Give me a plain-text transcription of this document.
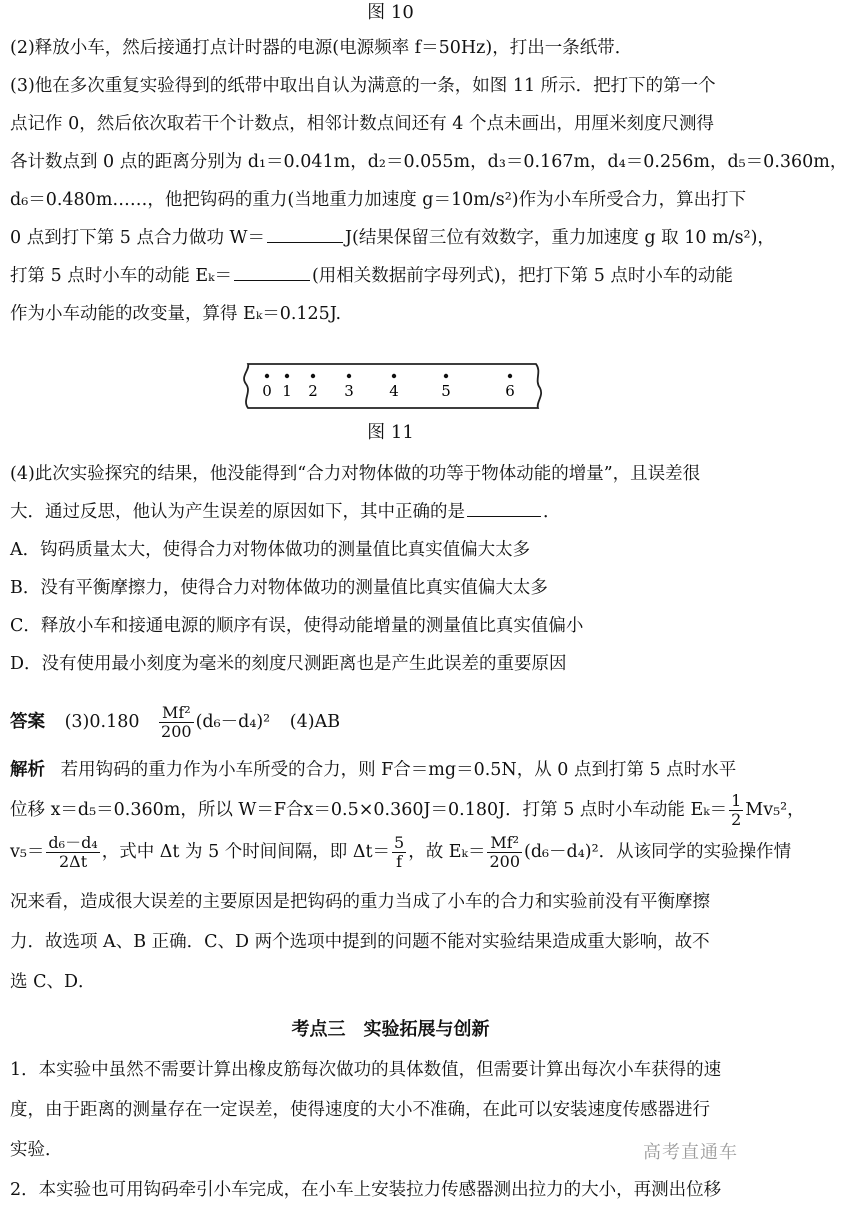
图 10
(2)释放小车，然后接通打点计时器的电源(电源频率 f＝50Hz)，打出一条纸带．
(3)他在多次重复实验得到的纸带中取出自认为满意的一条，如图 11 所示．把打下的第一个
点记作 0，然后依次取若干个计数点，相邻计数点间还有 4 个点未画出，用厘米刻度尺测得
各计数点到 0 点的距离分别为 d₁＝0.041m，d₂＝0.055m，d₃＝0.167m，d₄＝0.256m，d₅＝0.360m，
d₆＝0.480m……，他把钩码的重力(当地重力加速度 g＝10m/s²)作为小车所受合力，算出打下
0 点到打下第 5 点合力做功 W＝	J(结果保留三位有效数字，重力加速度 g 取 10 m/s²)，
打第 5 点时小车的动能 Eₖ＝	(用相关数据前字母列式)，把打下第 5 点时小车的动能
作为小车动能的改变量，算得 Eₖ＝0.125J.
0 1 2 3 4	5	6
图 11
(4)此次实验探究的结果，他没能得到“合力对物体做的功等于物体动能的增量”，且误差很
大．通过反思，他认为产生误差的原因如下，其中正确的是	．
A．钩码质量太大，使得合力对物体做功的测量值比真实值偏大太多
B．没有平衡摩擦力，使得合力对物体做功的测量值比真实值偏大太多
C．释放小车和接通电源的顺序有误，使得动能增量的测量值比真实值偏小
D．没有使用最小刻度为毫米的刻度尺测距离也是产生此误差的重要原因
答案 $(3)0.180 \frac{\text{Mf²}}{200} (d_6-d_4)^2$ (4)AB
解析 若用钩码的重力作为小车所受的合力，则 F合＝mg＝0.5N，从 0 点到打第 5 点时水平
位移 x＝d₅＝0.360m，所以 W＝F合x＝0.5×0.360J＝0.180J．打第 5 点时小车动能 $E_k= \frac{1}{2} Mv_5^2$，
$v_5= \frac{\text{d₆－d₄}}{2\Delta t}$ ，式中 Δt 为 5 个时间间隔，即 $\Delta t= \frac{5}{f}$ ，故 $E_k= \frac{\text{Mf²}}{200} (d_6-d_4)^2$．从该同学的实验操作情
况来看，造成很大误差的主要原因是把钩码的重力当成了小车的合力和实验前没有平衡摩擦
力．故选项 A、B 正确．C、D 两个选项中提到的问题不能对实验结果造成重大影响，故不
选 C、D．
考点三　实验拓展与创新
1．本实验中虽然不需要计算出橡皮筋每次做功的具体数值，但需要计算出每次小车获得的速
度，由于距离的测量存在一定误差，使得速度的大小不准确，在此可以安装速度传感器进行
实验．
2．本实验也可用钩码牵引小车完成，在小车上安装拉力传感器测出拉力的大小，再测出位移
高考直通车
